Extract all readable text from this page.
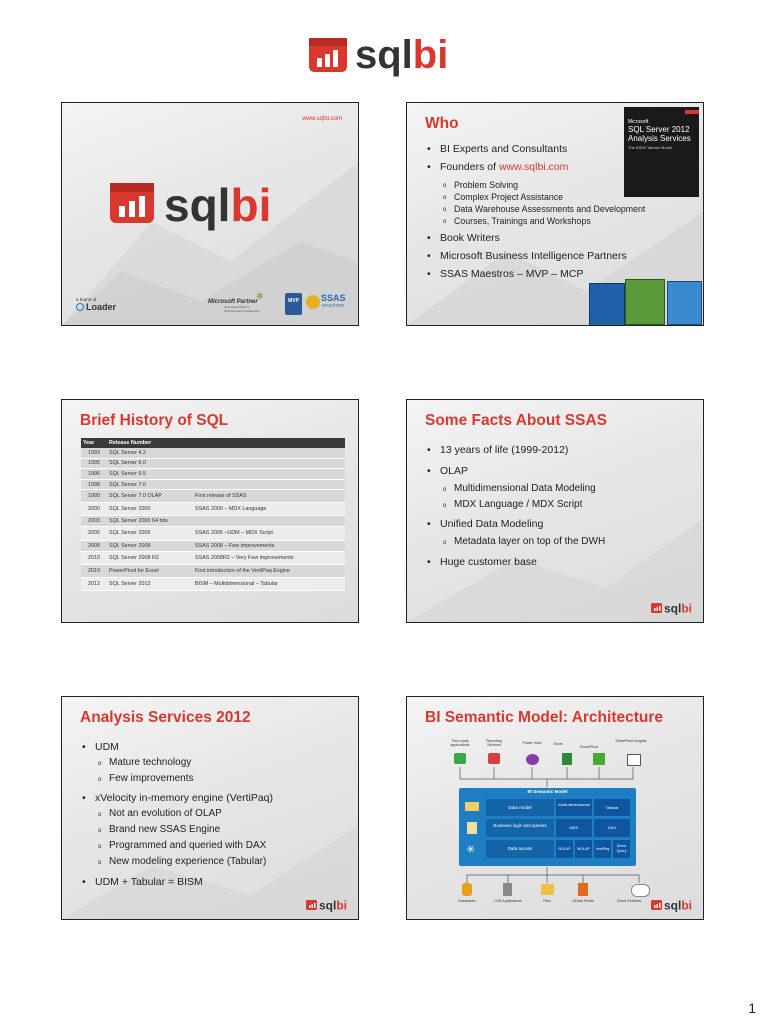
sqlbi
www.sqlbi.com
sqlbi
a brand of
Loader
✻
Microsoft Partner
Gold Data Platform
Gold Business Intelligence
MVP	SSAS
MAESTRO
Who	Microsoft
SQL Server 2012 Analysis Services
The BISM Tabular Model
• BI Experts and Consultants
• Founders of www.sqlbi.com
o Problem Solving
o Complex Project Assistance
o Data Warehouse Assessments and Development
o Courses, Trainings and Workshops
• Book Writers
• Microsoft Business Intelligence Partners
• SSAS Maestros – MVP – MCP
Brief History of SQL
Year	Release Number	
1993	SQL Server 4.2	
1995	SQL Server 6.0	
1996	SQL Server 6.5	
1998	SQL Server 7.0	
1999	SQL Server 7.0 OLAP	First release of SSAS
2000	SQL Server 2000	SSAS 2000 – MDX Language
2003	SQL Server 2000 64 bits	
2005	SQL Server 2005	SSAS 2005 –UDM – MDX Script
2008	SQL Server 2008	SSAS 2008 – Few improvements
2010	SQL Server 2008 R2	SSAS 2008R2 – Very Few improvements
2010	PowerPivot for Excel	First introduction of the VertiPaq Engine
2012	SQL Server 2012	BISM – Multidimensional – Tabular
Some Facts About SSAS
• 13 years of life (1999-2012)
• OLAP
o Multidimensional Data Modeling
o MDX Language / MDX Script
• Unified Data Modeling
o Metadata layer on top of the DWH
• Huge customer base
sqlbi
Analysis Services 2012
• UDM
o Mature technology
o Few improvements
• xVelocity in-memory engine (VertiPaq)
o Not an evolution of OLAP
o Brand new SSAS Engine
o Programmed and queried with DAX
o New modeling experience (Tabular)
• UDM + Tabular = BISM
sqlbi
BI Semantic Model: Architecture
Third-party applications
Reporting Services	Power View	Excel
PowerPivot
SharePoint Insights
BI Semantic Model
✳
Data model
Multi-dimensional
Tabular
Business logic and queries	MDX	DAX
Data access	ROLAP	MOLAP	VertiPaq
Direct Query
Databases	LOB Applications	Files	OData Feeds	Cloud Services	sqlbi
1
